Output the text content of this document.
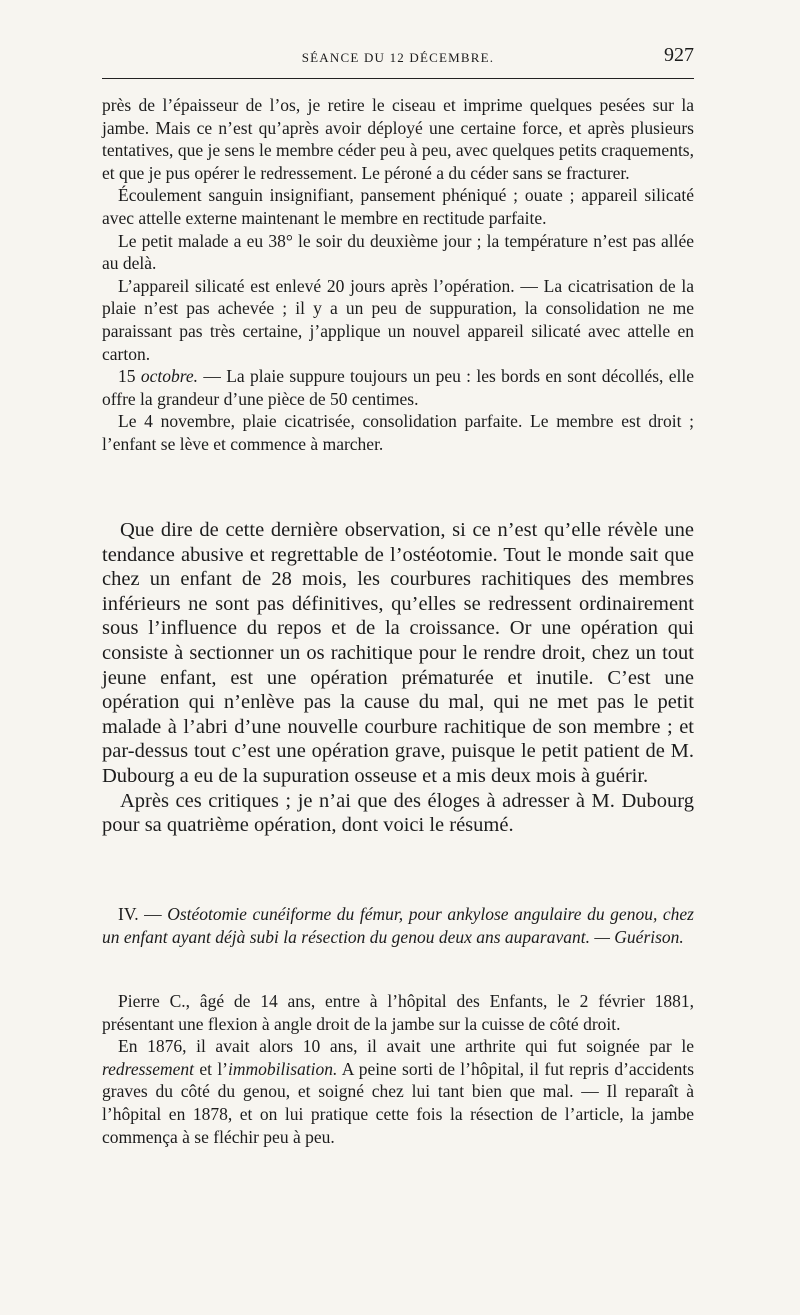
SÉANCE DU 12 DÉCEMBRE.	927

près de l’épaisseur de l’os, je retire le ciseau et imprime quelques pesées sur la jambe. Mais ce n’est qu’après avoir déployé une certaine force, et après plusieurs tentatives, que je sens le membre céder peu à peu, avec quelques petits craquements, et que je pus opérer le redressement. Le péroné a du céder sans se fracturer.

Écoulement sanguin insignifiant, pansement phéniqué ; ouate ; appareil silicaté avec attelle externe maintenant le membre en rectitude parfaite.

Le petit malade a eu 38° le soir du deuxième jour ; la température n’est pas allée au delà.

L’appareil silicaté est enlevé 20 jours après l’opération. — La cicatrisation de la plaie n’est pas achevée ; il y a un peu de suppuration, la consolidation ne me paraissant pas très certaine, j’applique un nouvel appareil silicaté avec attelle en carton.

15 octobre. — La plaie suppure toujours un peu : les bords en sont décollés, elle offre la grandeur d’une pièce de 50 centimes.

Le 4 novembre, plaie cicatrisée, consolidation parfaite. Le membre est droit ; l’enfant se lève et commence à marcher.

Que dire de cette dernière observation, si ce n’est qu’elle révèle une tendance abusive et regrettable de l’ostéotomie. Tout le monde sait que chez un enfant de 28 mois, les courbures rachitiques des membres inférieurs ne sont pas définitives, qu’elles se redressent ordinairement sous l’influence du repos et de la croissance. Or une opération qui consiste à sectionner un os rachitique pour le rendre droit, chez un tout jeune enfant, est une opération prématurée et inutile. C’est une opération qui n’enlève pas la cause du mal, qui ne met pas le petit malade à l’abri d’une nouvelle courbure rachitique de son membre ; et par-dessus tout c’est une opération grave, puisque le petit patient de M. Dubourg a eu de la supuration osseuse et a mis deux mois à guérir.

Après ces critiques ; je n’ai que des éloges à adresser à M. Dubourg pour sa quatrième opération, dont voici le résumé.

IV. — Ostéotomie cunéiforme du fémur, pour ankylose angulaire du genou, chez un enfant ayant déjà subi la résection du genou deux ans auparavant. — Guérison.

Pierre C., âgé de 14 ans, entre à l’hôpital des Enfants, le 2 février 1881, présentant une flexion à angle droit de la jambe sur la cuisse de côté droit.

En 1876, il avait alors 10 ans, il avait une arthrite qui fut soignée par le redressement et l’immobilisation. A peine sorti de l’hôpital, il fut repris d’accidents graves du côté du genou, et soigné chez lui tant bien que mal. — Il reparaît à l’hôpital en 1878, et on lui pratique cette fois la résection de l’article, la jambe commença à se fléchir peu à peu.
